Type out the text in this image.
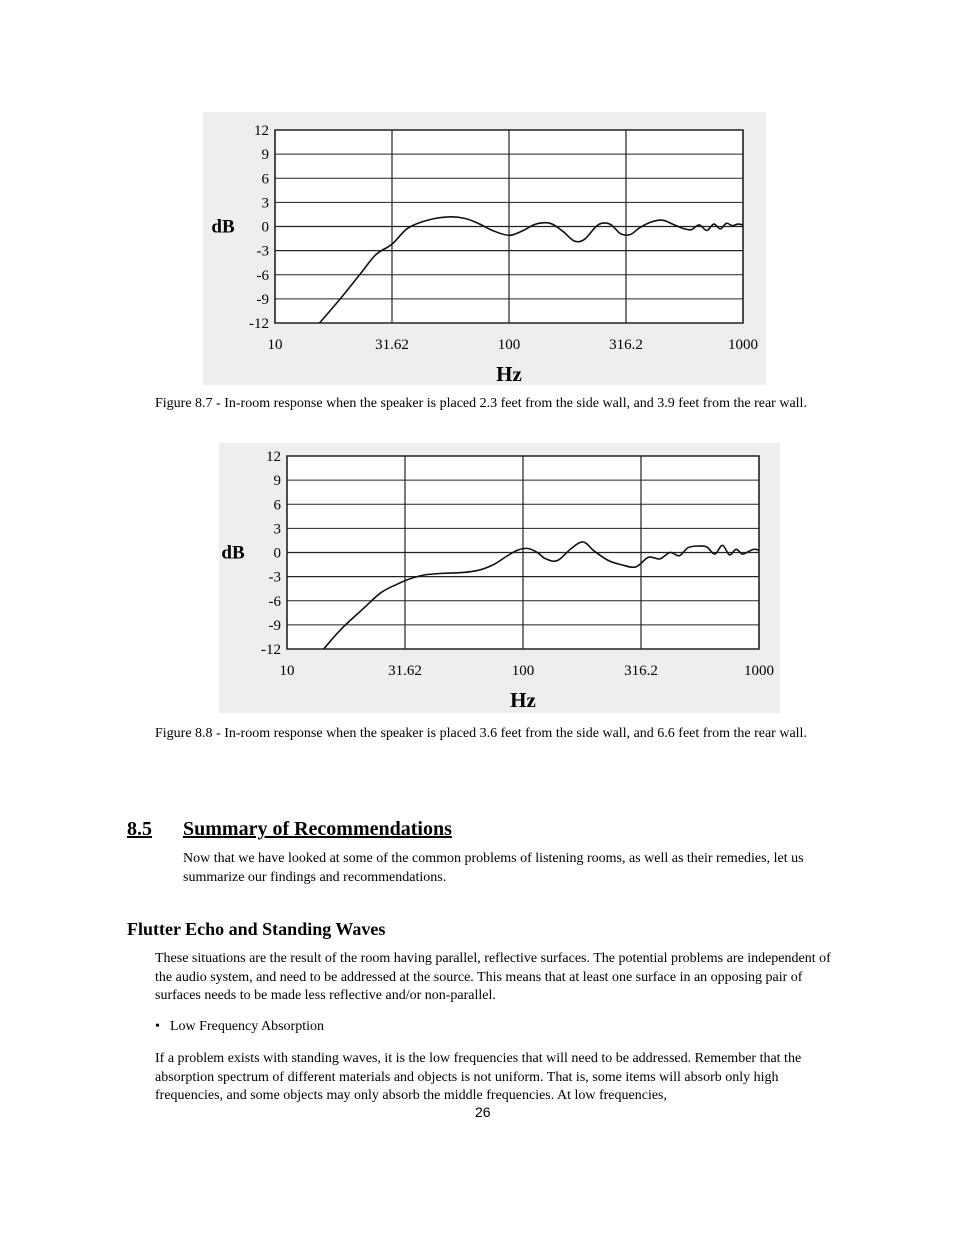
12
9
6
3
0
-3
-6
-9
-12
10	31.62	100	316.2	1000
dB
Hz
Figure 8.7 - In-room response when the speaker is placed 2.3 feet from the side wall, and 3.9 feet from the rear wall.
12
9
6
3
0
-3
-6
-9
-12
10	31.62	100	316.2	1000
dB
Hz
Figure 8.8 - In-room response when the speaker is placed 3.6 feet from the side wall, and 6.6 feet from the rear wall.
8.5	Summary of Recommendations
Now that we have looked at some of the common problems of listening rooms, as well as their remedies, let us summarize our findings and recommendations.
Flutter Echo and Standing Waves
These situations are the result of the room having parallel, reflective surfaces. The potential problems are independent of the audio system, and need to be addressed at the source. This means that at least one surface in an opposing pair of surfaces needs to be made less reflective and/or non-parallel.
• Low Frequency Absorption
If a problem exists with standing waves, it is the low frequencies that will need to be addressed. Remember that the absorption spectrum of different materials and objects is not uniform. That is, some items will absorb only high frequencies, and some objects may only absorb the middle frequencies. At low frequencies,
26
